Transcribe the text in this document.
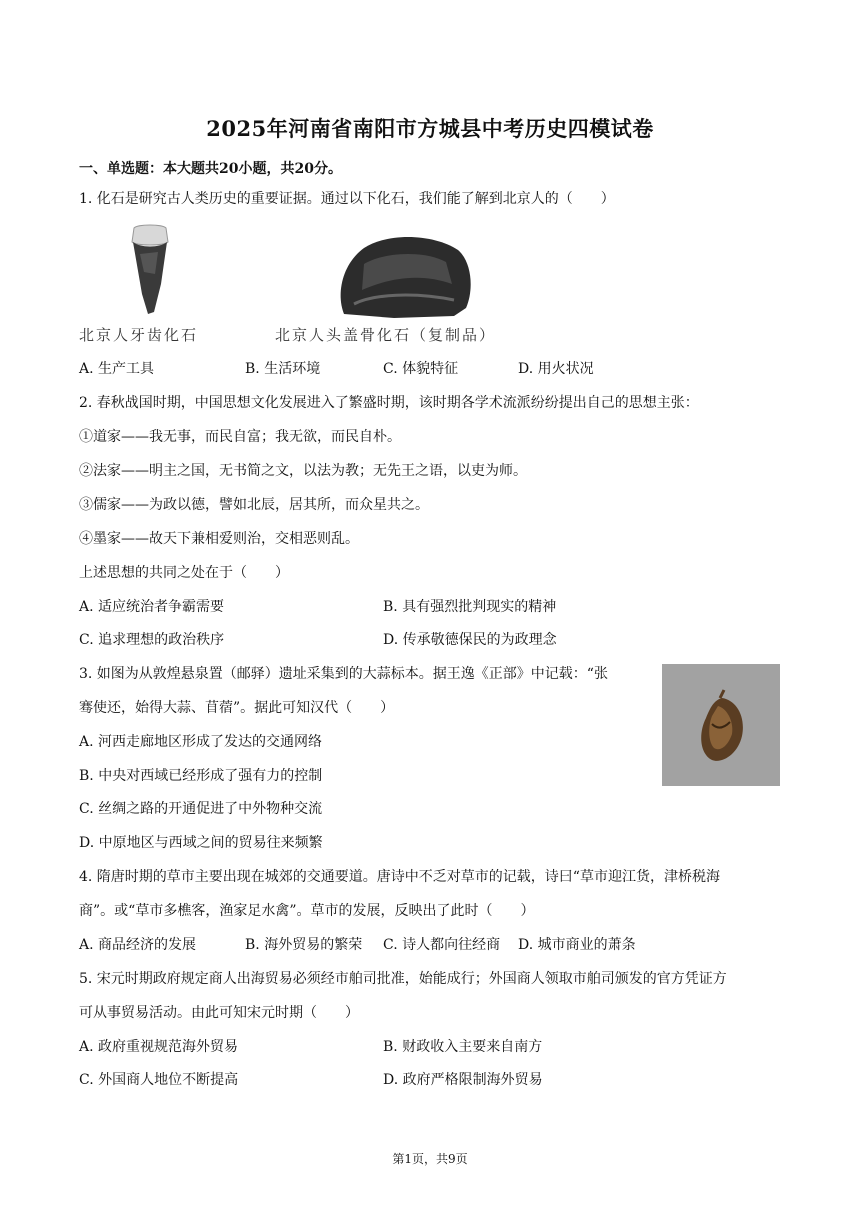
2025年河南省南阳市方城县中考历史四模试卷
一、单选题：本大题共20小题，共20分。
1. 化石是研究古人类历史的重要证据。通过以下化石，我们能了解到北京人的（　　）
北京人牙齿化石	北京人头盖骨化石（复制品）
A. 生产工具	B. 生活环境	C. 体貌特征	D. 用火状况
2. 春秋战国时期，中国思想文化发展进入了繁盛时期，该时期各学术流派纷纷提出自己的思想主张：
①道家——我无事，而民自富；我无欲，而民自朴。
②法家——明主之国，无书简之文，以法为教；无先王之语，以吏为师。
③儒家——为政以德，譬如北辰，居其所，而众星共之。
④墨家——故天下兼相爱则治，交相恶则乱。
上述思想的共同之处在于（　　）
A. 适应统治者争霸需要	B. 具有强烈批判现实的精神
C. 追求理想的政治秩序	D. 传承敬德保民的为政理念
3. 如图为从敦煌悬泉置（邮驿）遗址采集到的大蒜标本。据王逸《正部》中记载：“张
骞使还，始得大蒜、苜蓿”。据此可知汉代（　　）
A. 河西走廊地区形成了发达的交通网络
B. 中央对西域已经形成了强有力的控制
C. 丝绸之路的开通促进了中外物种交流
D. 中原地区与西域之间的贸易往来频繁
4. 隋唐时期的草市主要出现在城郊的交通要道。唐诗中不乏对草市的记载，诗曰“草市迎江货，津桥税海
商”。或“草市多樵客，渔家足水禽”。草市的发展，反映出了此时（　　）
A. 商品经济的发展	B. 海外贸易的繁荣 C. 诗人都向往经商 D. 城市商业的萧条
5. 宋元时期政府规定商人出海贸易必须经市舶司批准，始能成行；外国商人领取市舶司颁发的官方凭证方
可从事贸易活动。由此可知宋元时期（　　）
A. 政府重视规范海外贸易	B. 财政收入主要来自南方
C. 外国商人地位不断提高	D. 政府严格限制海外贸易
第1页，共9页
